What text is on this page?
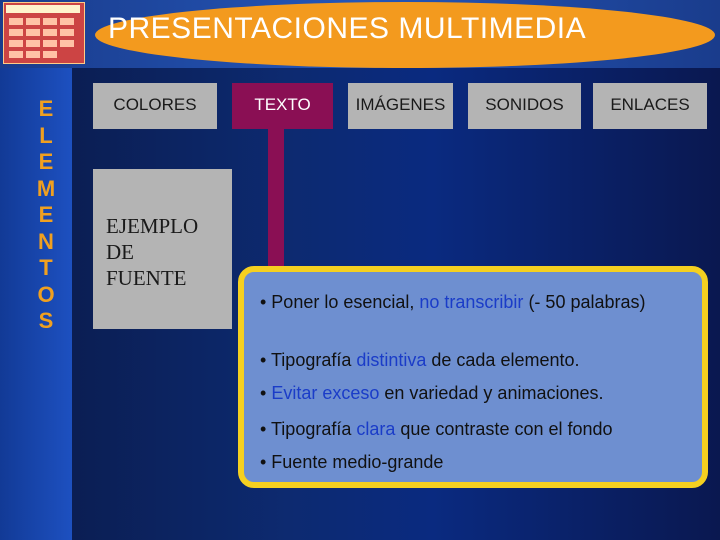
PRESENTACIONES MULTIMEDIA
E
L
E
M
E
N
T
O
S
COLORES	TEXTO	IMÁGENES	SONIDOS	ENLACES
EJEMPLO
DE
FUENTE
• Poner lo esencial, no transcribir (- 50 palabras)
• Tipografía distintiva de cada elemento.
• Evitar exceso en variedad y animaciones.
• Tipografía clara que contraste con el fondo
• Fuente medio-grande
